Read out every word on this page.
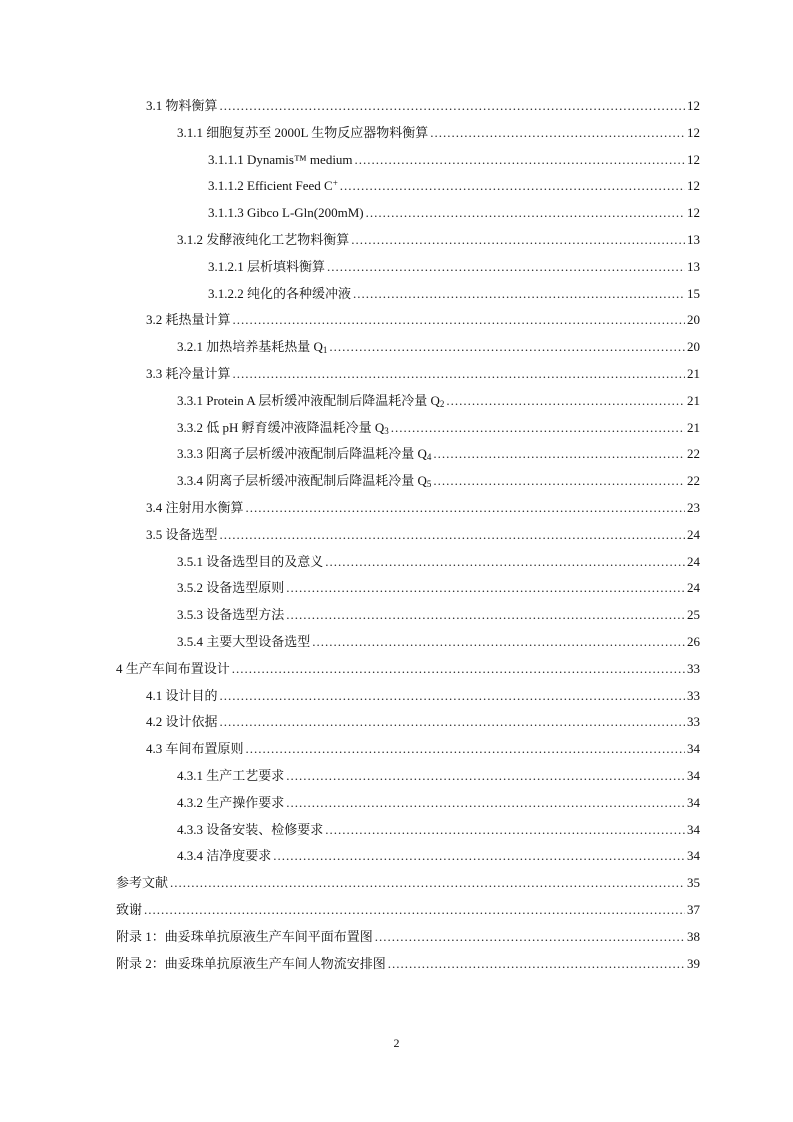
3.1 物料衡算 .....	12
3.1.1 细胞复苏至 2000L 生物反应器物料衡算 .....	12
3.1.1.1 Dynamis™ medium .....	12
3.1.1.2 Efficient Feed C+ .....	12
3.1.1.3 Gibco L-Gln(200mM) .....	12
3.1.2 发酵液纯化工艺物料衡算 .....	13
3.1.2.1 层析填料衡算 .....	13
3.1.2.2 纯化的各种缓冲液 .....	15
3.2 耗热量计算 .....	20
3.2.1 加热培养基耗热量 $Q_1$ .....	20
3.3 耗冷量计算 .....	21
3.3.1 Protein A 层析缓冲液配制后降温耗冷量 $Q_2$ .....	21
3.3.2 低 pH 孵育缓冲液降温耗冷量 $Q_3$ .....	21
3.3.3 阳离子层析缓冲液配制后降温耗冷量 $Q_4$ .....	22
3.3.4 阴离子层析缓冲液配制后降温耗冷量 $Q_5$ .....	22
3.4 注射用水衡算 .....	23
3.5 设备选型 .....	24
3.5.1 设备选型目的及意义 .....	24
3.5.2 设备选型原则 .....	24
3.5.3 设备选型方法 .....	25
3.5.4 主要大型设备选型 .....	26
4 生产车间布置设计 .....	33
4.1 设计目的 .....	33
4.2 设计依据 .....	33
4.3 车间布置原则 .....	34
4.3.1 生产工艺要求 .....	34
4.3.2 生产操作要求 .....	34
4.3.3 设备安装、检修要求 .....	34
4.3.4 洁净度要求 .....	34
参考文献 .....	35
致谢 .....	37
附录 1：曲妥珠单抗原液生产车间平面布置图 .....	38
附录 2：曲妥珠单抗原液生产车间人物流安排图 .....	39
2
